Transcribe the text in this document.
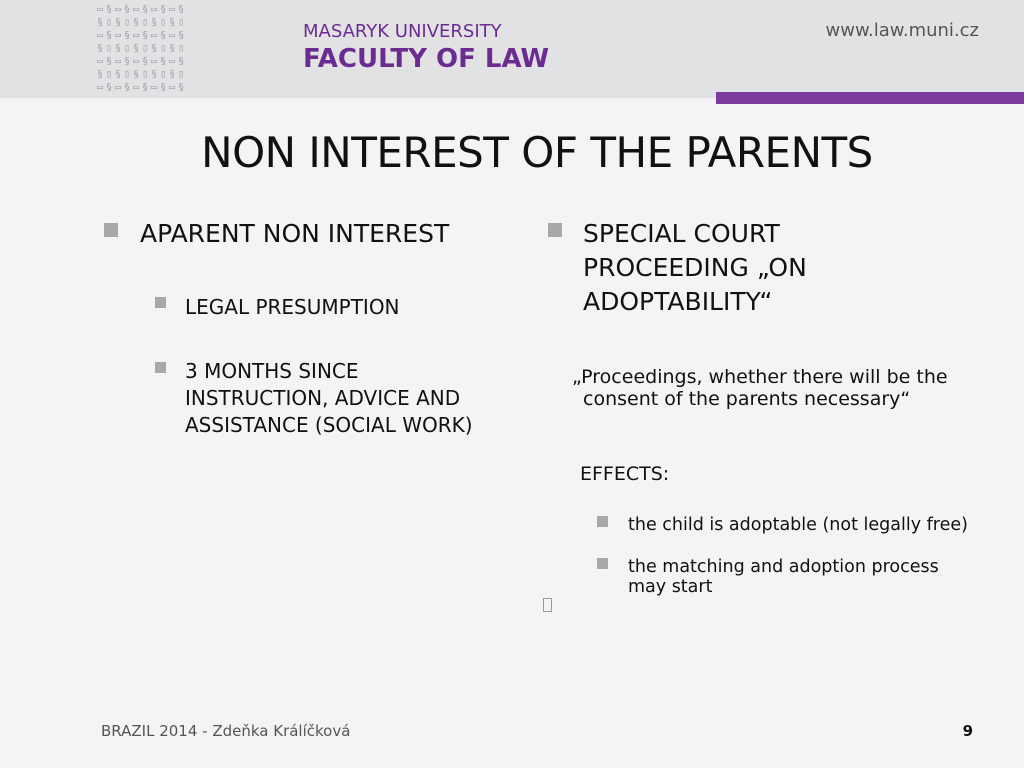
▭§▭§▭§▭§▭§
§▯§▯§▯§▯§▯
▭§▭§▭§▭§▭§
§▯§▯§▯§▯§▯
▭§▭§▭§▭§▭§
§▯§▯§▯§▯§▯
▭§▭§▭§▭§▭§
MASARYK UNIVERSITY
FACULTY OF LAW
www.law.muni.cz
NON INTEREST OF THE PARENTS
APARENT NON INTEREST
LEGAL PRESUMPTION
3 MONTHS SINCE INSTRUCTION, ADVICE AND ASSISTANCE (SOCIAL WORK)
SPECIAL COURT PROCEEDING „ON ADOPTABILITY“
„Proceedings, whether there will be the consent of the parents necessary“
EFFECTS:
the child is adoptable (not legally free)
the matching and adoption process may start
BRAZIL 2014 - Zdeňka Králíčková	9
